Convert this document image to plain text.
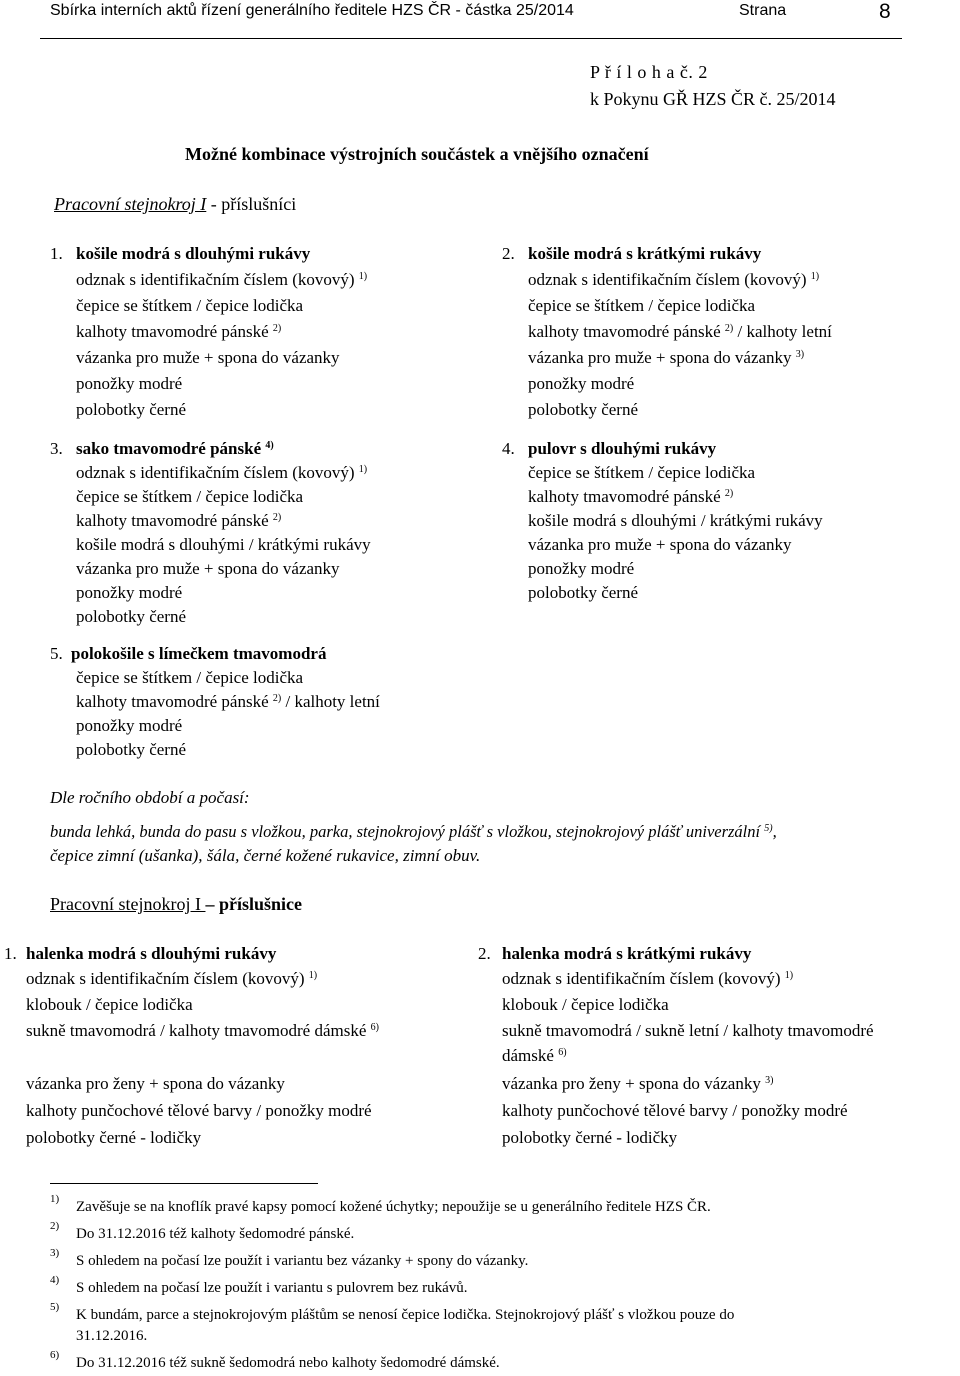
Sbírka interních aktů řízení generálního ředitele HZS ČR - částka 25/2014	Strana	8
P ř í l o h a č. 2
k Pokynu GŘ HZS ČR č. 25/2014
Možné kombinace výstrojních součástek a vnějšího označení
Pracovní stejnokroj I - příslušníci
1. košile modrá s dlouhými rukávy
odznak s identifikačním číslem (kovový) $^{1)}$
čepice se štítkem / čepice lodička
kalhoty tmavomodré pánské $^{2)}$
vázanka pro muže + spona do vázanky
ponožky modré
polobotky černé
2. košile modrá s krátkými rukávy
odznak s identifikačním číslem (kovový) $^{1)}$
čepice se štítkem / čepice lodička
kalhoty tmavomodré pánské $^{2)}$ / kalhoty letní
vázanka pro muže + spona do vázanky $^{3)}$
ponožky modré
polobotky černé
3. sako tmavomodré pánské $^{4)}$
odznak s identifikačním číslem (kovový) $^{1)}$
čepice se štítkem / čepice lodička
kalhoty tmavomodré pánské $^{2)}$
košile modrá s dlouhými / krátkými rukávy
vázanka pro muže + spona do vázanky
ponožky modré
polobotky černé
4. pulovr s dlouhými rukávy
čepice se štítkem / čepice lodička
kalhoty tmavomodré pánské $^{2)}$
košile modrá s dlouhými / krátkými rukávy
vázanka pro muže + spona do vázanky
ponožky modré
polobotky černé
5. polokošile s límečkem tmavomodrá
čepice se štítkem / čepice lodička
kalhoty tmavomodré pánské $^{2)}$ / kalhoty letní
ponožky modré
polobotky černé
Dle ročního období a počasí:
bunda lehká, bunda do pasu s vložkou, parka, stejnokrojový plášť s vložkou, stejnokrojový plášť univerzální $^{5)}$,
čepice zimní (ušanka), šála, černé kožené rukavice, zimní obuv.
Pracovní stejnokroj I – příslušnice
1. halenka modrá s dlouhými rukávy
odznak s identifikačním číslem (kovový) $^{1)}$
klobouk / čepice lodička
sukně tmavomodrá / kalhoty tmavomodré dámské $^{6)}$
vázanka pro ženy + spona do vázanky
kalhoty punčochové tělové barvy / ponožky modré
polobotky černé - lodičky
2. halenka modrá s krátkými rukávy
odznak s identifikačním číslem (kovový) $^{1)}$
klobouk / čepice lodička
sukně tmavomodrá / sukně letní / kalhoty tmavomodré
dámské $^{6)}$
vázanka pro ženy + spona do vázanky $^{3)}$
kalhoty punčochové tělové barvy / ponožky modré
polobotky černé - lodičky
1) Zavěšuje se na knoflík pravé kapsy pomocí kožené úchytky; nepoužije se u generálního ředitele HZS ČR.
2) Do 31.12.2016 též kalhoty šedomodré pánské.
3) S ohledem na počasí lze použít i variantu bez vázanky + spony do vázanky.
4) S ohledem na počasí lze použít i variantu s pulovrem bez rukávů.
5) K bundám, parce a stejnokrojovým pláštům se nenosí čepice lodička. Stejnokrojový plášť s vložkou pouze do
31.12.2016.
6) Do 31.12.2016 též sukně šedomodrá nebo kalhoty šedomodré dámské.
